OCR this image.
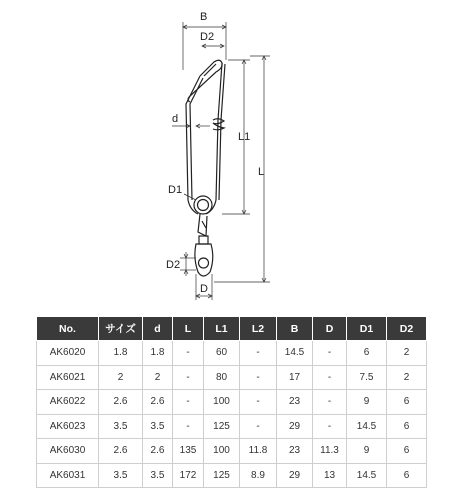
B
D2
d
L1
L
D1
D2
D
No.	サイズ	d	L	L1	L2	B	D	D1	D2
AK6020	1.8	1.8	-	60	-	14.5	-	6	2
AK6021	2	2	-	80	-	17	-	7.5	2
AK6022	2.6	2.6	-	100	-	23	-	9	6
AK6023	3.5	3.5	-	125	-	29	-	14.5	6
AK6030	2.6	2.6	135	100	11.8	23	11.3	9	6
AK6031	3.5	3.5	172	125	8.9	29	13	14.5	6
